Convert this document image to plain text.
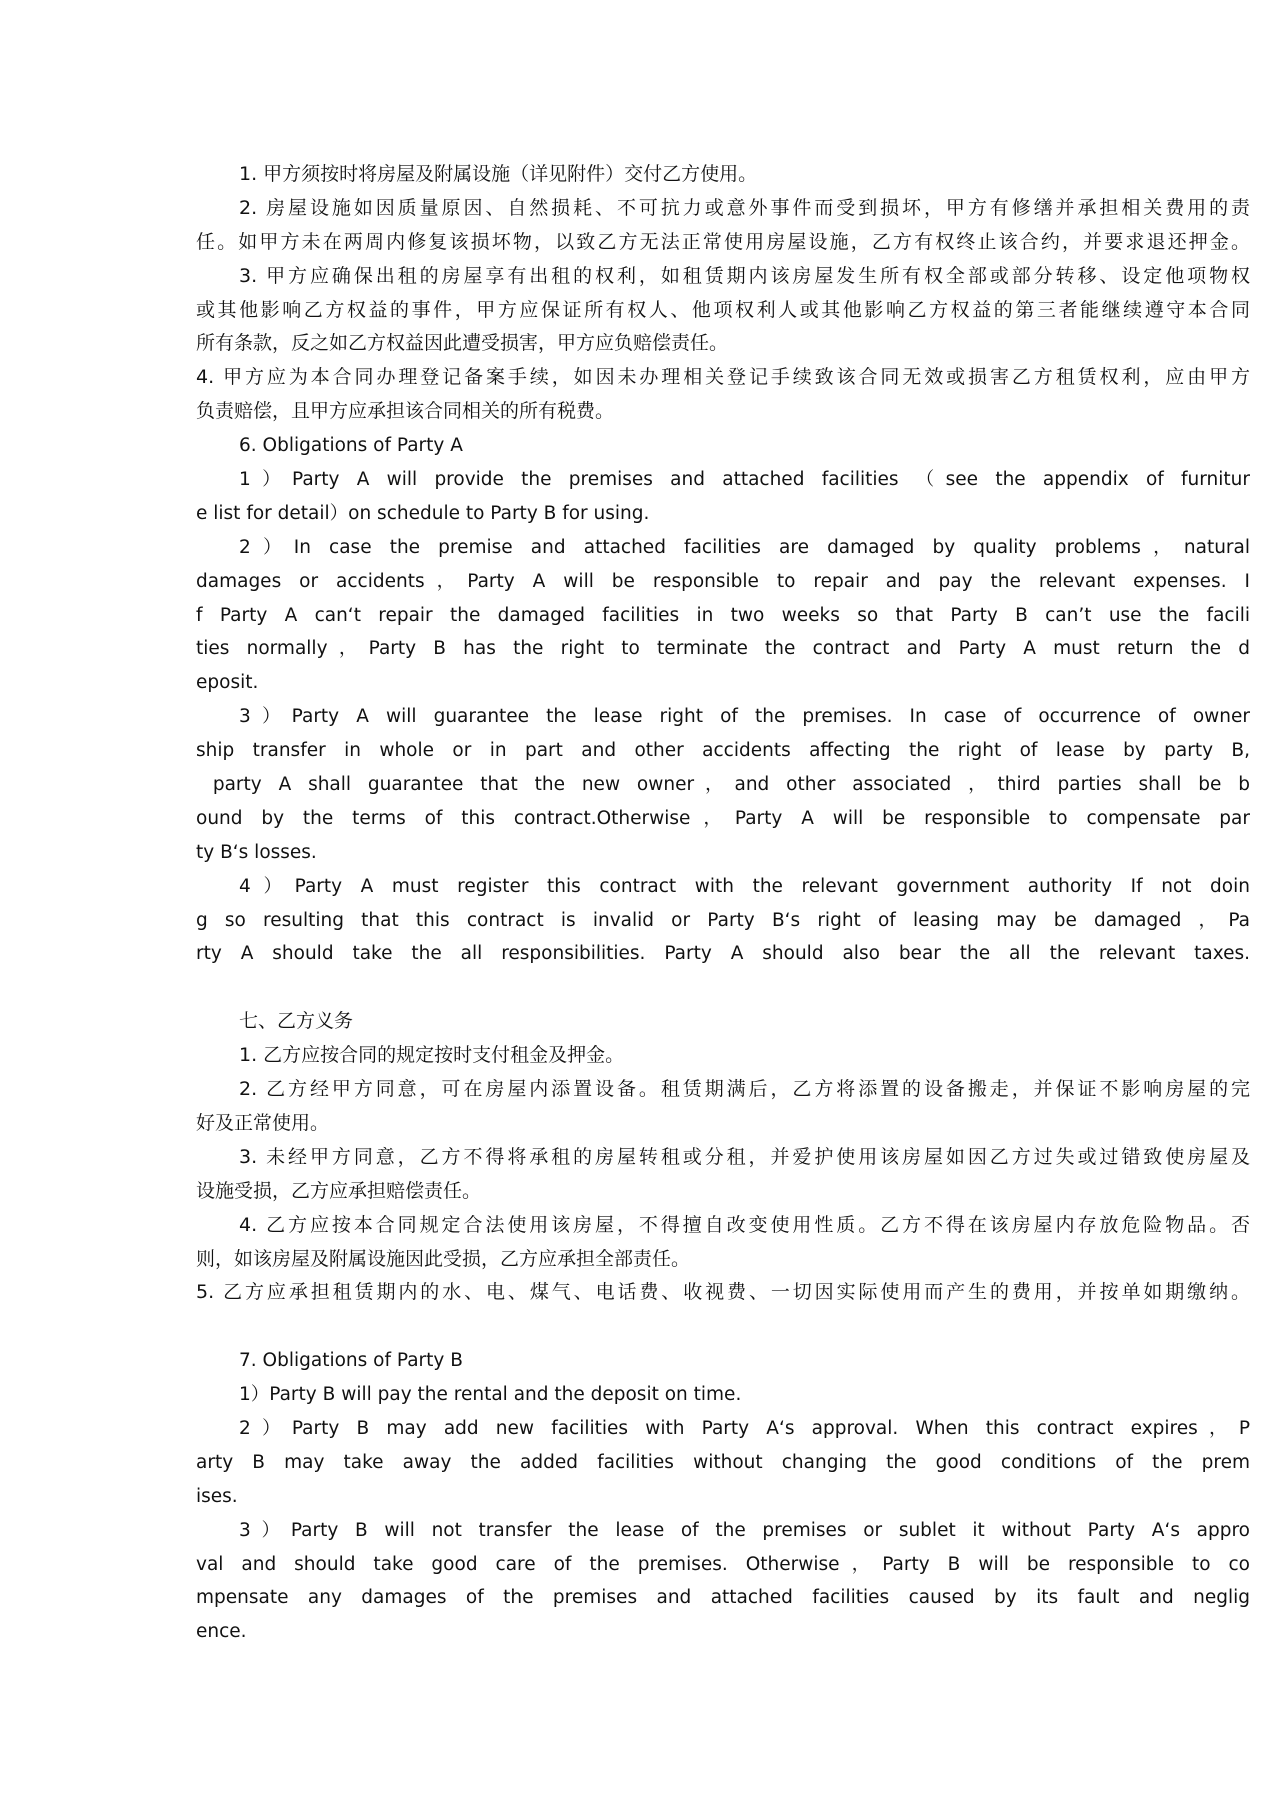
1. 甲方须按时将房屋及附属设施（详见附件）交付乙方使用。
2. 房屋设施如因质量原因、自然损耗、不可抗力或意外事件而受到损坏，甲方有修缮并承担相关费用的责
任。如甲方未在两周内修复该损坏物，以致乙方无法正常使用房屋设施，乙方有权终止该合约，并要求退还押金。
3. 甲方应确保出租的房屋享有出租的权利，如租赁期内该房屋发生所有权全部或部分转移、设定他项物权
或其他影响乙方权益的事件，甲方应保证所有权人、他项权利人或其他影响乙方权益的第三者能继续遵守本合同
所有条款，反之如乙方权益因此遭受损害，甲方应负赔偿责任。
4. 甲方应为本合同办理登记备案手续，如因未办理相关登记手续致该合同无效或损害乙方租赁权利，应由甲方
负责赔偿，且甲方应承担该合同相关的所有税费。
6. Obligations of Party A
1）Party A will provide the premises and attached facilities （see the appendix of furnitur
e list for detail）on schedule to Party B for using.
2）In case the premise and attached facilities are damaged by quality problems，natural
damages or accidents，Party A will be responsible to repair and pay the relevant expenses. I
f Party A can‘t repair the damaged facilities in two weeks so that Party B can’t use the facili
ties normally，Party B has the right to terminate the contract and Party A must return the d
eposit.
3）Party A will guarantee the lease right of the premises. In case of occurrence of owner
ship transfer in whole or in part and other accidents affecting the right of lease by party B,
party A shall guarantee that the new owner，and other associated ，third parties shall be b
ound by the terms of this contract.Otherwise，Party A will be responsible to compensate par
ty B‘s losses.
4）Party A must register this contract with the relevant government authority If not doin
g so resulting that this contract is invalid or Party B‘s right of leasing may be damaged ，Pa
rty A should take the all responsibilities. Party A should also bear the all the relevant taxes.
七、乙方义务
1. 乙方应按合同的规定按时支付租金及押金。
2. 乙方经甲方同意，可在房屋内添置设备。租赁期满后，乙方将添置的设备搬走，并保证不影响房屋的完
好及正常使用。
3. 未经甲方同意，乙方不得将承租的房屋转租或分租，并爱护使用该房屋如因乙方过失或过错致使房屋及
设施受损，乙方应承担赔偿责任。
4. 乙方应按本合同规定合法使用该房屋，不得擅自改变使用性质。乙方不得在该房屋内存放危险物品。否
则，如该房屋及附属设施因此受损，乙方应承担全部责任。
5. 乙方应承担租赁期内的水、电、煤气、电话费、收视费、一切因实际使用而产生的费用，并按单如期缴纳。
7. Obligations of Party B
1）Party B will pay the rental and the deposit on time.
2）Party B may add new facilities with Party A‘s approval. When this contract expires，P
arty B may take away the added facilities without changing the good conditions of the prem
ises.
3）Party B will not transfer the lease of the premises or sublet it without Party A‘s appro
val and should take good care of the premises. Otherwise，Party B will be responsible to co
mpensate any damages of the premises and attached facilities caused by its fault and neglig
ence.
